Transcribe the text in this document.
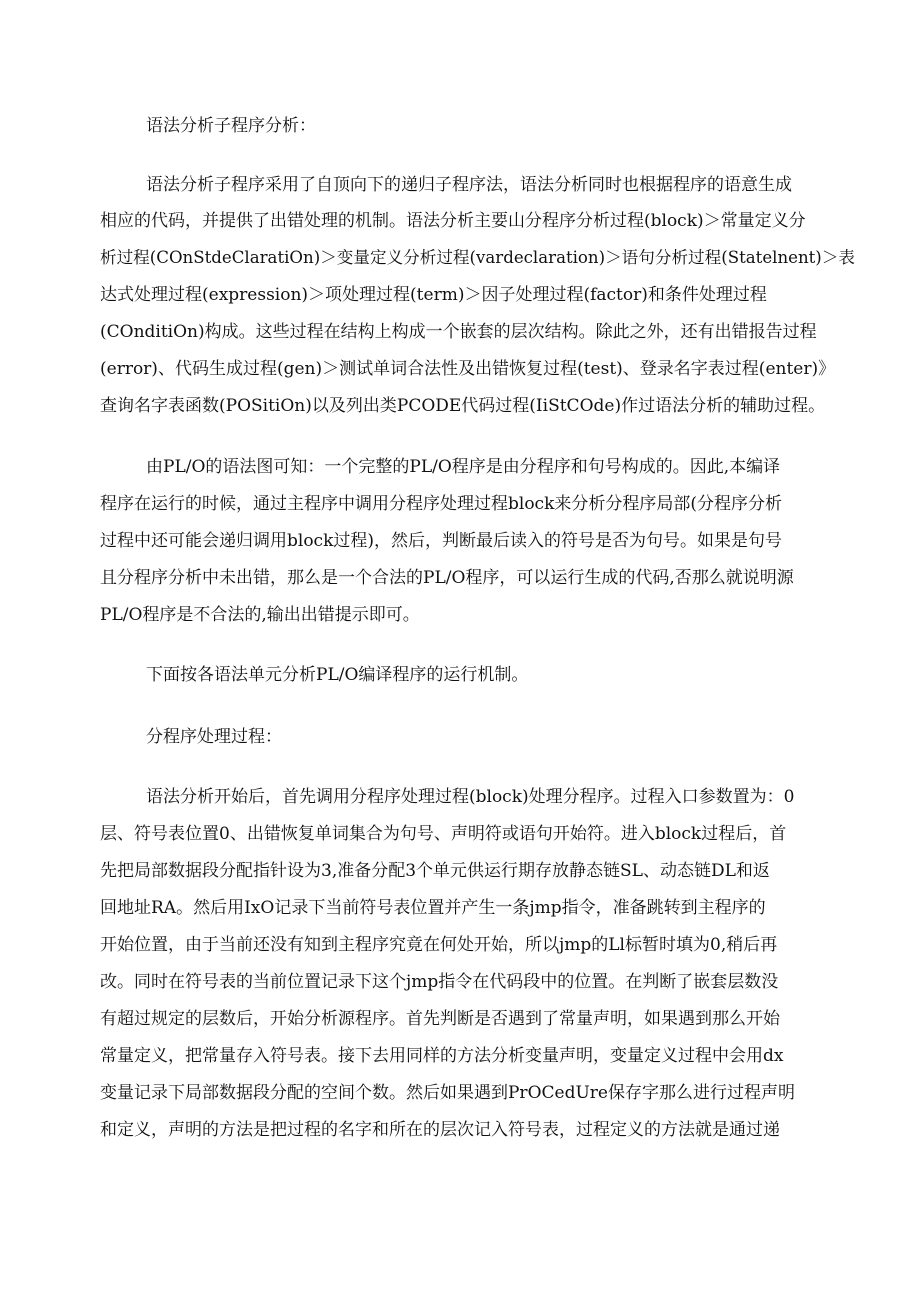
语法分析子程序分析：

语法分析子程序采用了自顶向下的递归子程序法，语法分析同时也根据程序的语意生成

相应的代码，并提供了出错处理的机制。语法分析主要山分程序分析过程(block)＞常量定义分

析过程(COnStdeClaratiOn)＞变量定义分析过程(vardeclaration)＞语句分析过程(Statelnent)＞表

达式处理过程(expression)＞项处理过程(term)＞因子处理过程(factor)和条件处理过程

(COnditiOn)构成。这些过程在结构上构成一个嵌套的层次结构。除此之外，还有出错报告过程

(error)、代码生成过程(gen)＞测试单词合法性及出错恢复过程(test)、登录名字表过程(enter)》

查询名字表函数(POSitiOn)以及列出类PCODE代码过程(IiStCOde)作过语法分析的辅助过程。

由PL/O的语法图可知：一个完整的PL/O程序是由分程序和句号构成的。因此,本编译

程序在运行的时候，通过主程序中调用分程序处理过程block来分析分程序局部(分程序分析

过程中还可能会递归调用block过程)，然后，判断最后读入的符号是否为句号。如果是句号

且分程序分析中未出错，那么是一个合法的PL/O程序，可以运行生成的代码,否那么就说明源

PL/O程序是不合法的,输出出错提示即可。

下面按各语法单元分析PL/O编译程序的运行机制。

分程序处理过程：

语法分析开始后，首先调用分程序处理过程(block)处理分程序。过程入口参数置为：0

层、符号表位置0、出错恢复单词集合为句号、声明符或语句开始符。进入block过程后，首

先把局部数据段分配指针设为3,准备分配3个单元供运行期存放静态链SL、动态链DL和返

回地址RA。然后用IxO记录下当前符号表位置并产生一条jmp指令，准备跳转到主程序的

开始位置，由于当前还没有知到主程序究竟在何处开始，所以jmp的Ll标暂时填为0,稍后再

改。同时在符号表的当前位置记录下这个jmp指令在代码段中的位置。在判断了嵌套层数没

有超过规定的层数后，开始分析源程序。首先判断是否遇到了常量声明，如果遇到那么开始

常量定义，把常量存入符号表。接下去用同样的方法分析变量声明，变量定义过程中会用dx

变量记录下局部数据段分配的空间个数。然后如果遇到PrOCedUre保存字那么进行过程声明

和定义，声明的方法是把过程的名字和所在的层次记入符号表，过程定义的方法就是通过递
